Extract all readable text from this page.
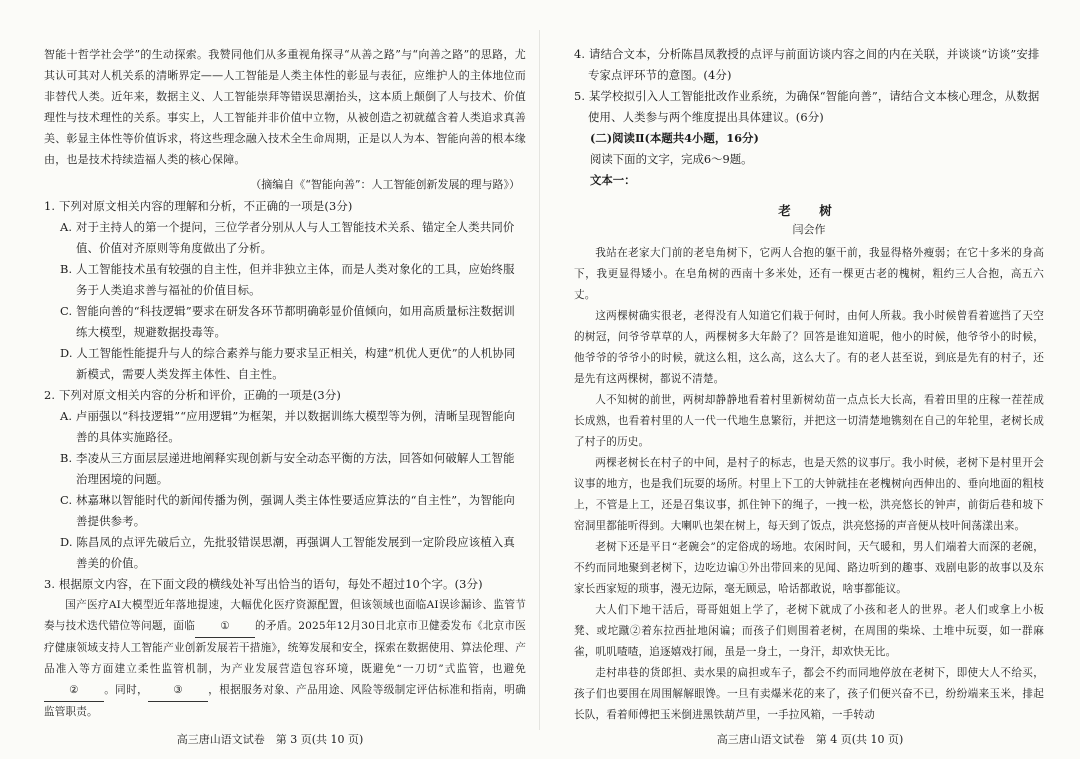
智能十哲学社会学”的生动探索。我赞同他们从多重视角探寻“从善之路”与“向善之路”的思路，尤其认可其对人机关系的清晰界定——人工智能是人类主体性的彰显与表征，应维护人的主体地位而非替代人类。近年来，数据主义、人工智能崇拜等错误思潮抬头，这本质上颠倒了人与技术、价值理性与技术理性的关系。事实上，人工智能并非价值中立物，从被创造之初就蕴含着人类追求真善美、彰显主体性等价值诉求，将这些理念融入技术全生命周期，正是以人为本、智能向善的根本缘由，也是技术持续造福人类的核心保障。

（摘编自《“智能向善”：人工智能创新发展的理与路》）

1. 下列对原文相关内容的理解和分析，不正确的一项是(3分)

A. 对于主持人的第一个提问，三位学者分别从人与人工智能技术关系、锚定全人类共同价值、价值对齐原则等角度做出了分析。

B. 人工智能技术虽有较强的自主性，但并非独立主体，而是人类对象化的工具，应始终服务于人类追求善与福祉的价值目标。

C. 智能向善的“科技逻辑”要求在研发各环节都明确彰显价值倾向，如用高质量标注数据训练大模型，规避数据投毒等。

D. 人工智能性能提升与人的综合素养与能力要求呈正相关，构建“机优人更优”的人机协同新模式，需要人类发挥主体性、自主性。

2. 下列对原文相关内容的分析和评价，正确的一项是(3分)

A. 卢丽强以“科技逻辑”“应用逻辑”为框架，并以数据训练大模型等为例，清晰呈现智能向善的具体实施路径。

B. 李凌从三方面层层递进地阐释实现创新与安全动态平衡的方法，回答如何破解人工智能治理困境的问题。

C. 林嘉琳以智能时代的新闻传播为例，强调人类主体性要适应算法的“自主性”，为智能向善提供参考。

D. 陈昌凤的点评先破后立，先批驳错误思潮，再强调人工智能发展到一定阶段应该植入真善美的价值。

3. 根据原文内容，在下面文段的横线处补写出恰当的语句，每处不超过10个字。(3分)

国产医疗AI大模型近年落地提速，大幅优化医疗资源配置，但该领域也面临AI误诊漏诊、监管节奏与技术迭代错位等问题，面临 ① 的矛盾。2025年12月30日北京市卫健委发布《北京市医疗健康领域支持人工智能产业创新发展若干措施》，统筹发展和安全，探索在数据使用、算法伦理、产品准入等方面建立柔性监管机制，为产业发展营造包容环境，既避免“一刀切”式监管，也避免② 。同时， ③ ，根据服务对象、产品用途、风险等级制定评估标准和指南，明确监管职责。

高三唐山语文试卷　第 3 页(共 10 页)

4. 请结合文本，分析陈昌凤教授的点评与前面访谈内容之间的内在关联，并谈谈“访谈”安排专家点评环节的意图。(4分)

5. 某学校拟引入人工智能批改作业系统，为确保“智能向善”，请结合文本核心理念，从数据使用、人类参与两个维度提出具体建议。(6分)

(二)阅读Ⅱ(本题共4小题，16分)

阅读下面的文字，完成6～9题。

文本一：

老　树

闫会作

我站在老家大门前的老皂角树下，它两人合抱的躯干前，我显得格外瘦弱；在它十多米的身高下，我更显得矮小。在皂角树的西南十多米处，还有一棵更古老的槐树，粗约三人合抱，高五六丈。

这两棵树确实很老，老得没有人知道它们栽于何时，由何人所栽。我小时候曾看着遮挡了天空的树冠，问爷爷草草的人，两棵树多大年龄了？回答是谁知道呢，他小的时候，他爷爷小的时候，他爷爷的爷爷小的时候，就这么粗，这么高，这么大了。有的老人甚至说，到底是先有的村子，还是先有这两棵树，都说不清楚。

人不知树的前世，两树却静静地看着村里新树幼苗一点点长大长高，看着田里的庄稼一茬茬成长成熟，也看着村里的人一代一代地生息繁衍，并把这一切清楚地镌刻在自己的年轮里，老树长成了村子的历史。

两棵老树长在村子的中间，是村子的标志，也是天然的议事厅。我小时候，老树下是村里开会议事的地方，也是我们玩耍的场所。村里上下工的大钟就挂在老槐树向西伸出的、垂向地面的粗枝上，不管是上工，还是召集议事，抓住钟下的绳子，一拽一松，洪亮悠长的钟声，前街后巷和坡下窑洞里都能听得到。大喇叭也架在树上，每天到了饭点，洪亮悠扬的声音便从枝叶间荡漾出来。

老树下还是平日“老碗会”的定俗成的场地。农闲时间，天气暖和，男人们端着大而深的老碗，不约而同地聚到老树下，边吃边谝①外出带回来的见闻、路边听到的趣事、戏剧电影的故事以及东家长西家短的琐事，漫无边际，毫无顾忌，哈话都敢说，啥事都能议。

大人们下地干活后，哥哥姐姐上学了，老树下就成了小孩和老人的世界。老人们或拿上小板凳、或坨蹴②着东拉西扯地闲谝；而孩子们则围着老树，在周围的柴垛、土堆中玩耍，如一群麻雀，叽叽喳喳，追逐嬉戏打闹，虽是一身土，一身汗，却欢快无比。

走村串巷的货郎担、卖水果的扁担或车子，都会不约而同地停放在老树下，即使大人不给买，孩子们也要围在周围解解眼馋。一旦有卖爆米花的来了，孩子们便兴奋不已，纷纷端来玉米，排起长队，看着师傅把玉米倒进黑铁葫芦里，一手拉风箱，一手转动

高三唐山语文试卷　第 4 页(共 10 页)
